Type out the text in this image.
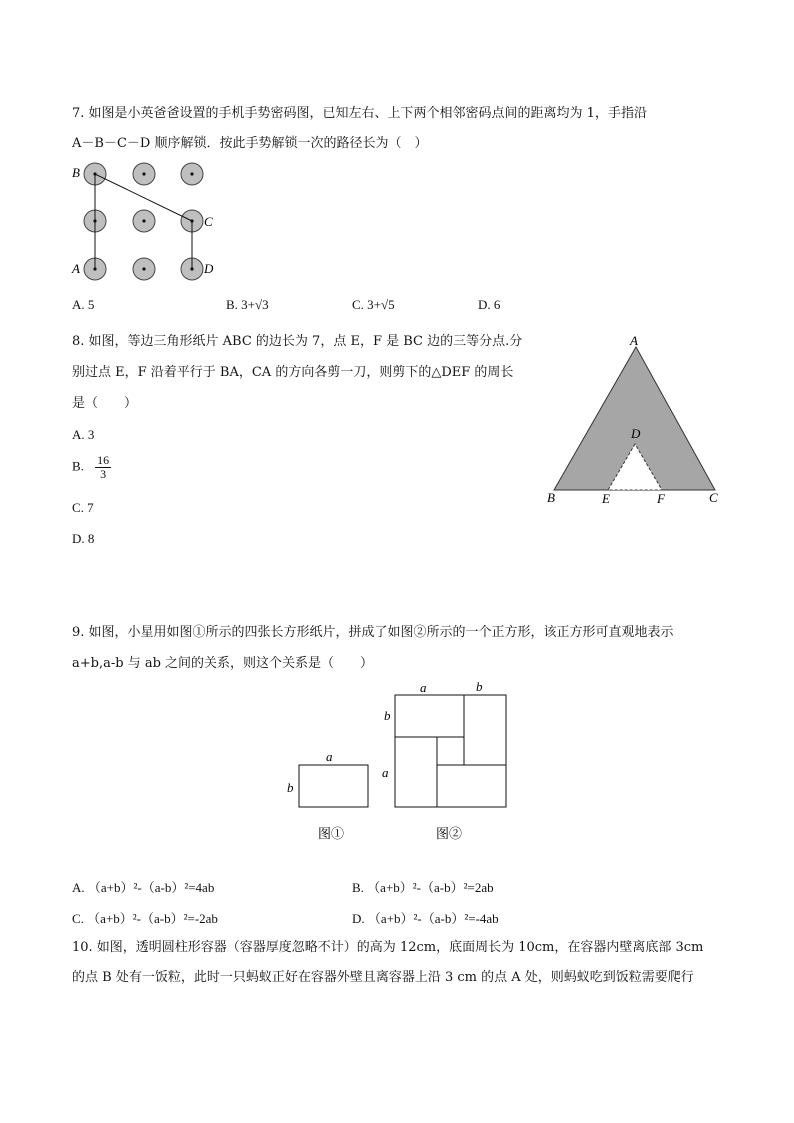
7. 如图是小英爸爸设置的手机手势密码图，已知左右、上下两个相邻密码点间的距离均为 1，手指沿
A－B－C－D 顺序解锁．按此手势解锁一次的路径长为（　）
B
C
A	D
A. 5	B. 3+√3	C. 3+√5	D. 6
8. 如图，等边三角形纸片 ABC 的边长为 7，点 E，F 是 BC 边的三等分点.分
别过点 E，F 沿着平行于 BA，CA 的方向各剪一刀，则剪下的△DEF 的周长
是（　　）
A. 3
B. $\frac{16}{3}$
C. 7
D. 8
A
B	C
D
E	F
9. 如图，小星用如图①所示的四张长方形纸片，拼成了如图②所示的一个正方形，该正方形可直观地表示
a+b,a-b 与 ab 之间的关系，则这个关系是（　　）
a
b
图①
a	b
b
a
图②
A. （a+b）²-（a-b）²=4ab	B. （a+b）²-（a-b）²=2ab
C. （a+b）²-（a-b）²=-2ab	D. （a+b）²-（a-b）²=-4ab
10. 如图，透明圆柱形容器（容器厚度忽略不计）的高为 12cm，底面周长为 10cm，在容器内壁离底部 3cm
的点 B 处有一饭粒，此时一只蚂蚁正好在容器外壁且离容器上沿 3 cm 的点 A 处，则蚂蚁吃到饭粒需要爬行
